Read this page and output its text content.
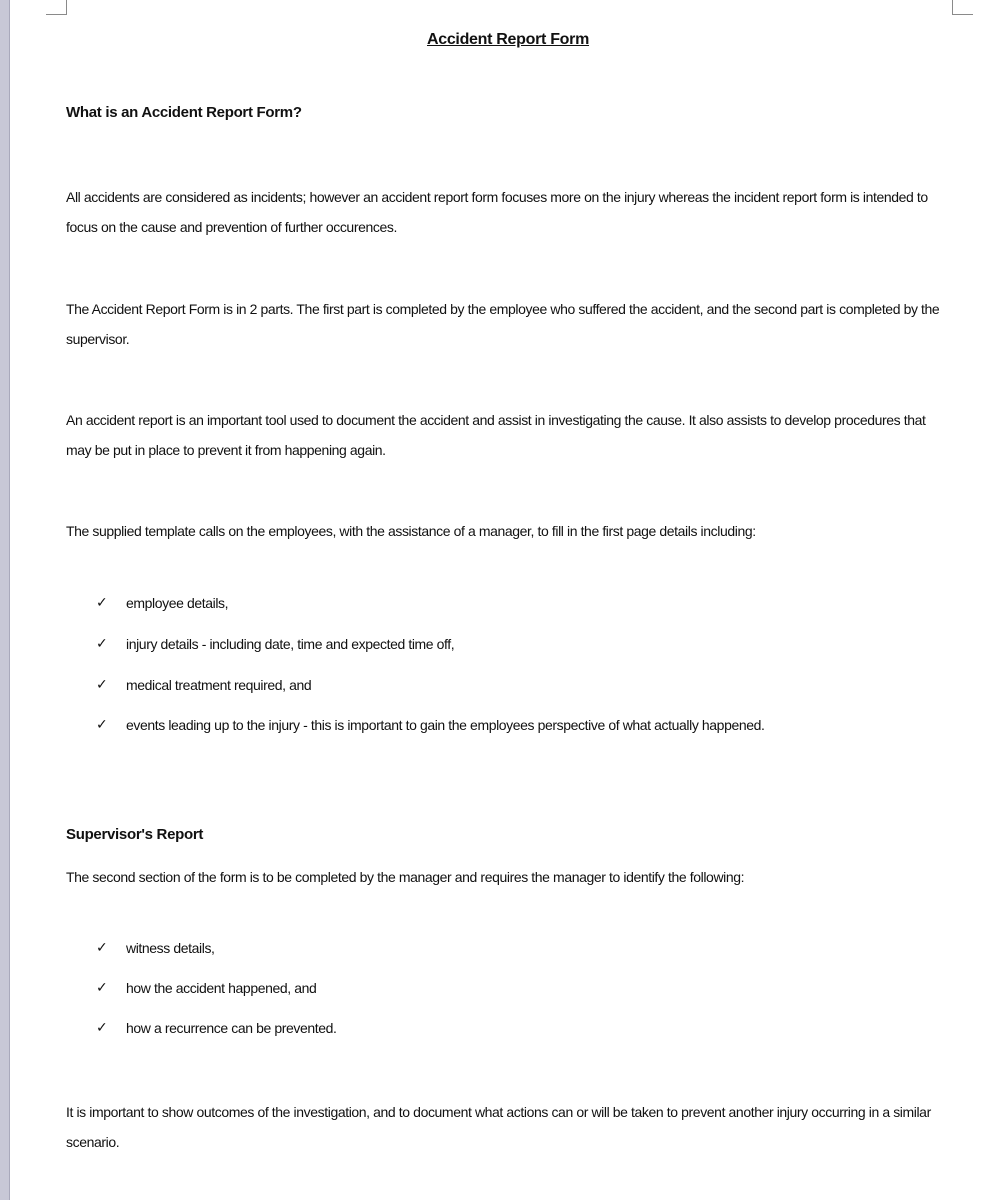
Accident Report Form
What is an Accident Report Form?

All accidents are considered as incidents; however an accident report form focuses more on the injury whereas the incident report form is intended to focus on the cause and prevention of further occurences.

The Accident Report Form is in 2 parts. The first part is completed by the employee who suffered the accident, and the second part is completed by the supervisor.

An accident report is an important tool used to document the accident and assist in investigating the cause. It also assists to develop procedures that may be put in place to prevent it from happening again.

The supplied template calls on the employees, with the assistance of a manager, to fill in the first page details including:

✓	employee details,
✓	injury details - including date, time and expected time off,
✓	medical treatment required, and
✓	events leading up to the injury - this is important to gain the employees perspective of what actually happened.
Supervisor's Report

The second section of the form is to be completed by the manager and requires the manager to identify the following:

✓	witness details,
✓	how the accident happened, and
✓	how a recurrence can be prevented.

It is important to show outcomes of the investigation, and to document what actions can or will be taken to prevent another injury occurring in a similar scenario.
